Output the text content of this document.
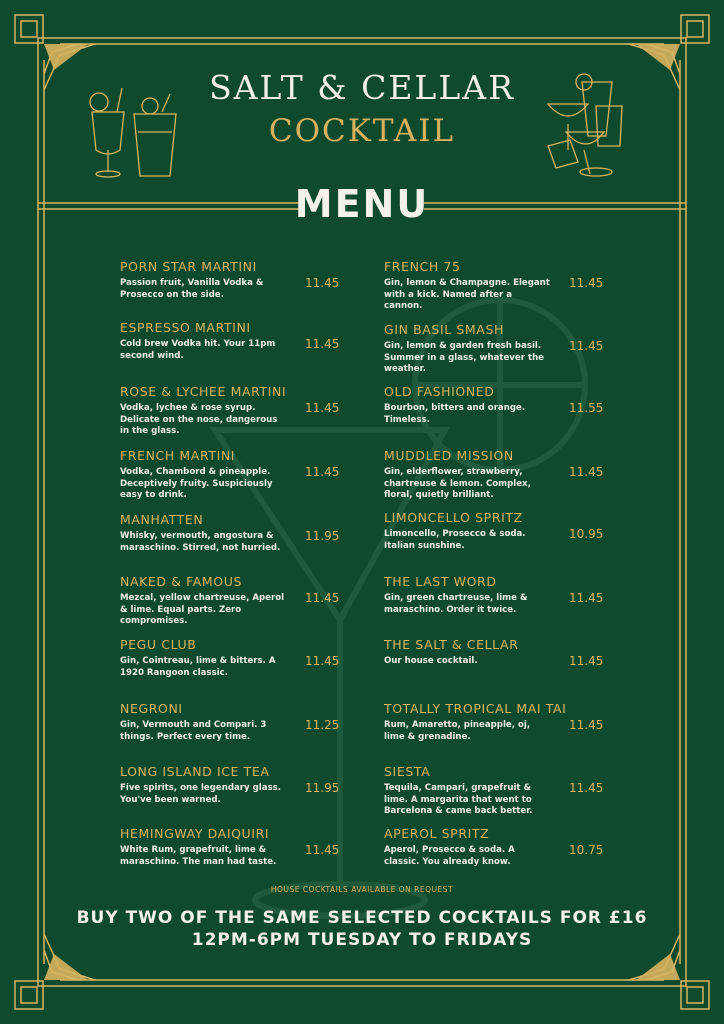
SALT & CELLAR
COCKTAIL
MENU
PORN STAR MARTINI
Passion fruit, Vanilla Vodka & Prosecco on the side.
11.45
ESPRESSO MARTINI
Cold brew Vodka hit. Your 11pm second wind.
11.45
ROSE & LYCHEE MARTINI
Vodka, lychee & rose syrup. Delicate on the nose, dangerous in the glass.
11.45
FRENCH MARTINI
Vodka, Chambord & pineapple. Deceptively fruity. Suspiciously easy to drink.
11.45
MANHATTEN
Whisky, vermouth, angostura & maraschino. Stirred, not hurried.
11.95
NAKED & FAMOUS
Mezcal, yellow chartreuse, Aperol & lime. Equal parts. Zero compromises.
11.45
PEGU CLUB
Gin, Cointreau, lime & bitters. A 1920 Rangoon classic.
11.45
NEGRONI
Gin, Vermouth and Compari. 3 things. Perfect every time.
11.25
LONG ISLAND ICE TEA
Five spirits, one legendary glass. You've been warned.
11.95
HEMINGWAY DAIQUIRI
White Rum, grapefruit, lime & maraschino. The man had taste.
11.45
FRENCH 75
Gin, lemon & Champagne. Elegant with a kick. Named after a cannon.
11.45
GIN BASIL SMASH
Gin, lemon & garden fresh basil. Summer in a glass, whatever the weather.
11.45
OLD FASHIONED
Bourbon, bitters and orange. Timeless.
11.55
MUDDLED MISSION
Gin, elderflower, strawberry, chartreuse & lemon. Complex, floral, quietly brilliant.
11.45
LIMONCELLO SPRITZ
Limoncello, Prosecco & soda. Italian sunshine.
10.95
THE LAST WORD
Gin, green chartreuse, lime & maraschino. Order it twice.
11.45
THE SALT & CELLAR
Our house cocktail.	11.45
TOTALLY TROPICAL MAI TAI
Rum, Amaretto, pineapple, oj, lime & grenadine.
11.45
SIESTA
Tequila, Campari, grapefruit & lime. A margarita that went to Barcelona & came back better.
11.45
APEROL SPRITZ
Aperol, Prosecco & soda. A classic. You already know.
10.75
HOUSE COCKTAILS AVAILABLE ON REQUEST
BUY TWO OF THE SAME SELECTED COCKTAILS FOR £16
12PM-6PM TUESDAY TO FRIDAYS
